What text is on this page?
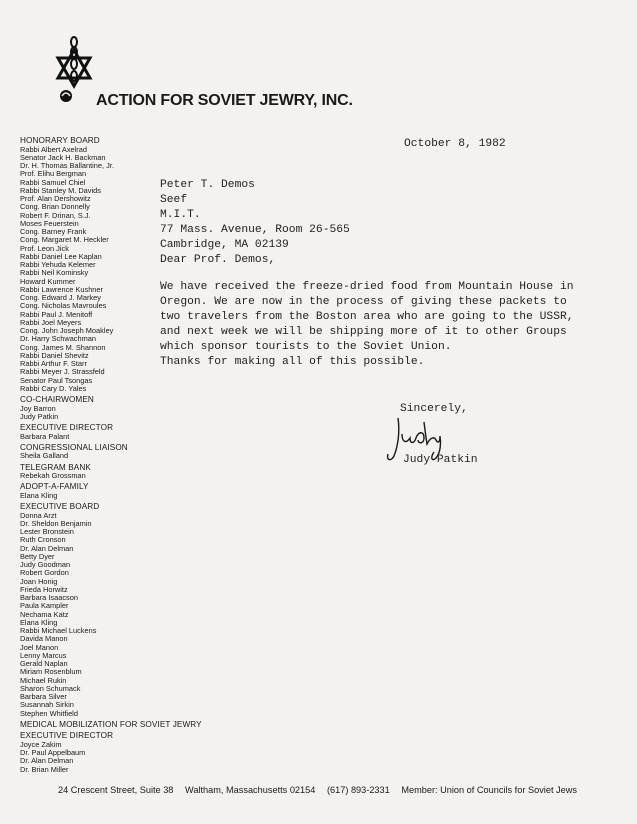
ACTION FOR SOVIET JEWRY, INC.
HONORARY BOARD
Rabbi Albert Axelrad
Senator Jack H. Backman
Dr. H. Thomas Ballantine, Jr.
Prof. Elihu Bergman
Rabbi Samuel Chiel
Rabbi Stanley M. Davids
Prof. Alan Dershowitz
Cong. Brian Donnelly
Robert F. Drinan, S.J.
Moses Feuerstein
Cong. Barney Frank
Cong. Margaret M. Heckler
Prof. Leon Jick
Rabbi Daniel Lee Kaplan
Rabbi Yehuda Kelemer
Rabbi Neil Kominsky
Howard Kummer
Rabbi Lawrence Kushner
Cong. Edward J. Markey
Cong. Nicholas Mavroules
Rabbi Paul J. Menitoff
Rabbi Joel Meyers
Cong. John Joseph Moakley
Dr. Harry Schwachman
Cong. James M. Shannon
Rabbi Daniel Shevitz
Rabbi Arthur F. Starr
Rabbi Meyer J. Strassfeld
Senator Paul Tsongas
Rabbi Cary D. Yales
CO-CHAIRWOMEN
Joy Barron
Judy Patkin
EXECUTIVE DIRECTOR
Barbara Palant
CONGRESSIONAL LIAISON
Sheila Galland
TELEGRAM BANK
Rebekah Grossman
ADOPT-A-FAMILY
Elana Kling
EXECUTIVE BOARD
Donna Arzt
Dr. Sheldon Benjamin
Lester Bronstein
Ruth Cronson
Dr. Alan Delman
Betty Dyer
Judy Goodman
Robert Gordon
Joan Honig
Frieda Horwitz
Barbara Isaacson
Paula Kampler
Nechama Katz
Elana Kling
Rabbi Michael Luckens
Davida Manon
Joel Manon
Lenny Marcus
Gerald Naplan
Miriam Rosenblum
Michael Rukin
Sharon Schumack
Barbara Silver
Susannah Sirkin
Stephen Whitfield
MEDICAL MOBILIZATION FOR SOVIET JEWRY
EXECUTIVE DIRECTOR
Joyce Zakim
Dr. Paul Appelbaum
Dr. Alan Delman
Dr. Brian Miller
October 8, 1982
Peter T. Demos
Seef
M.I.T.
77 Mass. Avenue, Room 26-565
Cambridge, MA 02139
Dear Prof. Demos,
We have received the freeze-dried food from Mountain House in
Oregon. We are now in the process of giving these packets to
two travelers from the Boston area who are going to the USSR,
and next week we will be shipping more of it to other Groups
which sponsor tourists to the Soviet Union.
Thanks for making all of this possible.
Sincerely,
Judy Patkin
24 Crescent Street, Suite 38 Waltham, Massachusetts 02154 (617) 893-2331 Member: Union of Councils for Soviet Jews
